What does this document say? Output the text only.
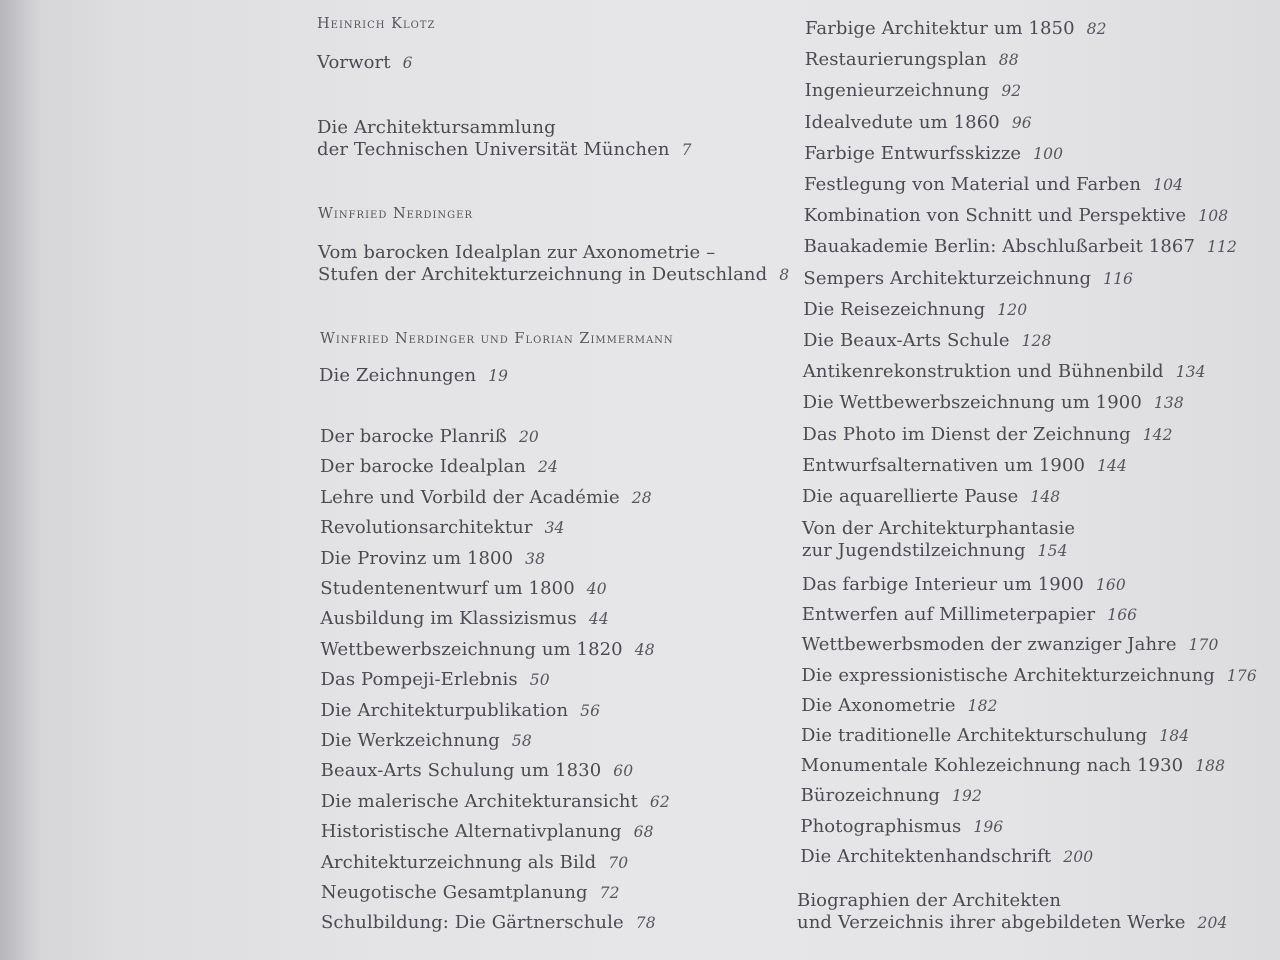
Heinrich Klotz
Vorwort 6
Die Architektursammlung
der Technischen Universität München 7
Winfried Nerdinger
Vom barocken Idealplan zur Axonometrie –
Stufen der Architekturzeichnung in Deutschland 8
Winfried Nerdinger und Florian Zimmermann
Die Zeichnungen 19
Der barocke Planriß 20
Der barocke Idealplan 24
Lehre und Vorbild der Académie 28
Revolutionsarchitektur 34
Die Provinz um 1800 38
Studentenentwurf um 1800 40
Ausbildung im Klassizismus 44
Wettbewerbszeichnung um 1820 48
Das Pompeji-Erlebnis 50
Die Architekturpublikation 56
Die Werkzeichnung 58
Beaux-Arts Schulung um 1830 60
Die malerische Architekturansicht 62
Historistische Alternativplanung 68
Architekturzeichnung als Bild 70
Neugotische Gesamtplanung 72
Schulbildung: Die Gärtnerschule 78
Farbige Architektur um 1850 82
Restaurierungsplan 88
Ingenieurzeichnung 92
Idealvedute um 1860 96
Farbige Entwurfsskizze 100
Festlegung von Material und Farben 104
Kombination von Schnitt und Perspektive 108
Bauakademie Berlin: Abschlußarbeit 1867 112
Sempers Architekturzeichnung 116
Die Reisezeichnung 120
Die Beaux-Arts Schule 128
Antikenrekonstruktion und Bühnenbild 134
Die Wettbewerbszeichnung um 1900 138
Das Photo im Dienst der Zeichnung 142
Entwurfsalternativen um 1900 144
Die aquarellierte Pause 148
Von der Architekturphantasie
zur Jugendstilzeichnung 154
Das farbige Interieur um 1900 160
Entwerfen auf Millimeterpapier 166
Wettbewerbsmoden der zwanziger Jahre 170
Die expressionistische Architekturzeichnung 176
Die Axonometrie 182
Die traditionelle Architekturschulung 184
Monumentale Kohlezeichnung nach 1930 188
Bürozeichnung 192
Photographismus 196
Die Architektenhandschrift 200
Biographien der Architekten
und Verzeichnis ihrer abgebildeten Werke 204
